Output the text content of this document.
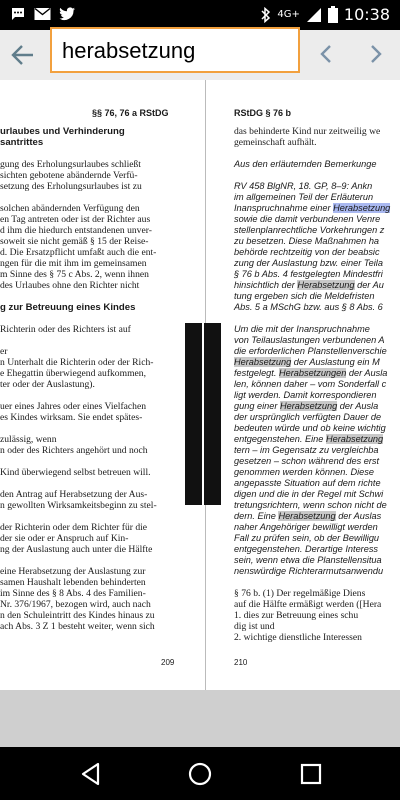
4G+	10:38
herabsetzung
§§ 76, 76 a RStDG
urlaubes und Verhinderung
santrittes

gung des Erholungsurlaubes schließt
sichten gebotene abändernde Verfü-
setzung des Erholungsurlaubes ist zu

solchen abändernden Verfügung den
en Tag antreten oder ist der Richter aus
d ihm die hiedurch entstandenen unver-
soweit sie nicht gemäß § 15 der Reise-
d. Die Ersatzpflicht umfaßt auch die ent-
ngen für die mit ihm im gemeinsamen
m Sinne des § 75 c Abs. 2, wenn ihnen
des Urlaubes ohne den Richter nicht

g zur Betreuung eines Kindes

Richterin oder des Richters ist auf

er
n Unterhalt die Richterin oder der Rich-
e Ehegattin überwiegend aufkommen,
ter oder der Auslastung).

uer eines Jahres oder eines Vielfachen
es Kindes wirksam. Sie endet spätes-

zulässig, wenn
n oder des Richters angehört und noch

Kind überwiegend selbst betreuen will.

den Antrag auf Herabsetzung der Aus-
n gewollten Wirksamkeitsbeginn zu stel-

der Richterin oder dem Richter für die
der sie oder er Anspruch auf Kin-
ng der Auslastung auch unter die Hälfte

eine Herabsetzung der Auslastung zur
samen Haushalt lebenden behinderten
im Sinne des § 8 Abs. 4 des Familien-
Nr. 376/1967, bezogen wird, auch nach
n den Schuleintritt des Kindes hinaus zu
ach Abs. 3 Z 1 besteht weiter, wenn sich
209
RStDG § 76 b
das behinderte Kind nur zeitweilig we
gemeinschaft aufhält.

Aus den erläuternden Bemerkunge

RV 458 BlgNR, 18. GP, 8–9: Ankn
im allgemeinen Teil der Erläuterun
Inanspruchnahme einer Herabsetzung
sowie die damit verbundenen Venre
stellenplanrechtliche Vorkehrungen z
zu besetzen. Diese Maßnahmen ha
behörde rechtzeitig von der beabsic
zung der Auslastung bzw. einer Teila
§ 76 b Abs. 4 festgelegten Mindestfri
hinsichtlich der Herabsetzung der Au
tung ergeben sich die Meldefristen
Abs. 5 a MSchG bzw. aus § 8 Abs. 6

Um die mit der Inanspruchnahme
von Teilauslastungen verbundenen A
die erforderlichen Planstellenverschie
Herabsetzung der Auslastung ein M
festgelegt. Herabsetzungen der Ausla
len, können daher – vom Sonderfall c
ligt werden. Damit korrespondieren
gung einer Herabsetzung der Ausla
der ursprünglich verfügten Dauer de
bedeuten würde und ob keine wichtig
entgegenstehen. Eine Herabsetzung
tern – im Gegensatz zu vergleichba
gesetzen – schon während des erst
genommen werden können. Diese
angepasste Situation auf dem richte
digen und die in der Regel mit Schwi
tretungsrichtern, wenn schon nicht de
dern. Eine Herabsetzung der Auslas
naher Angehöriger bewilligt werden
Fall zu prüfen sein, ob der Bewilligu
entgegenstehen. Derartige Interess
sein, wenn etwa die Planstellensitua
nenswürdige Richterarmutsanwendu

§ 76 b. (1) Der regelmäßige Diens
auf die Hälfte ermäßigt werden ([Hera
1. dies zur Betreuung eines schu
dig ist und
2. wichtige dienstliche Interessen
210
